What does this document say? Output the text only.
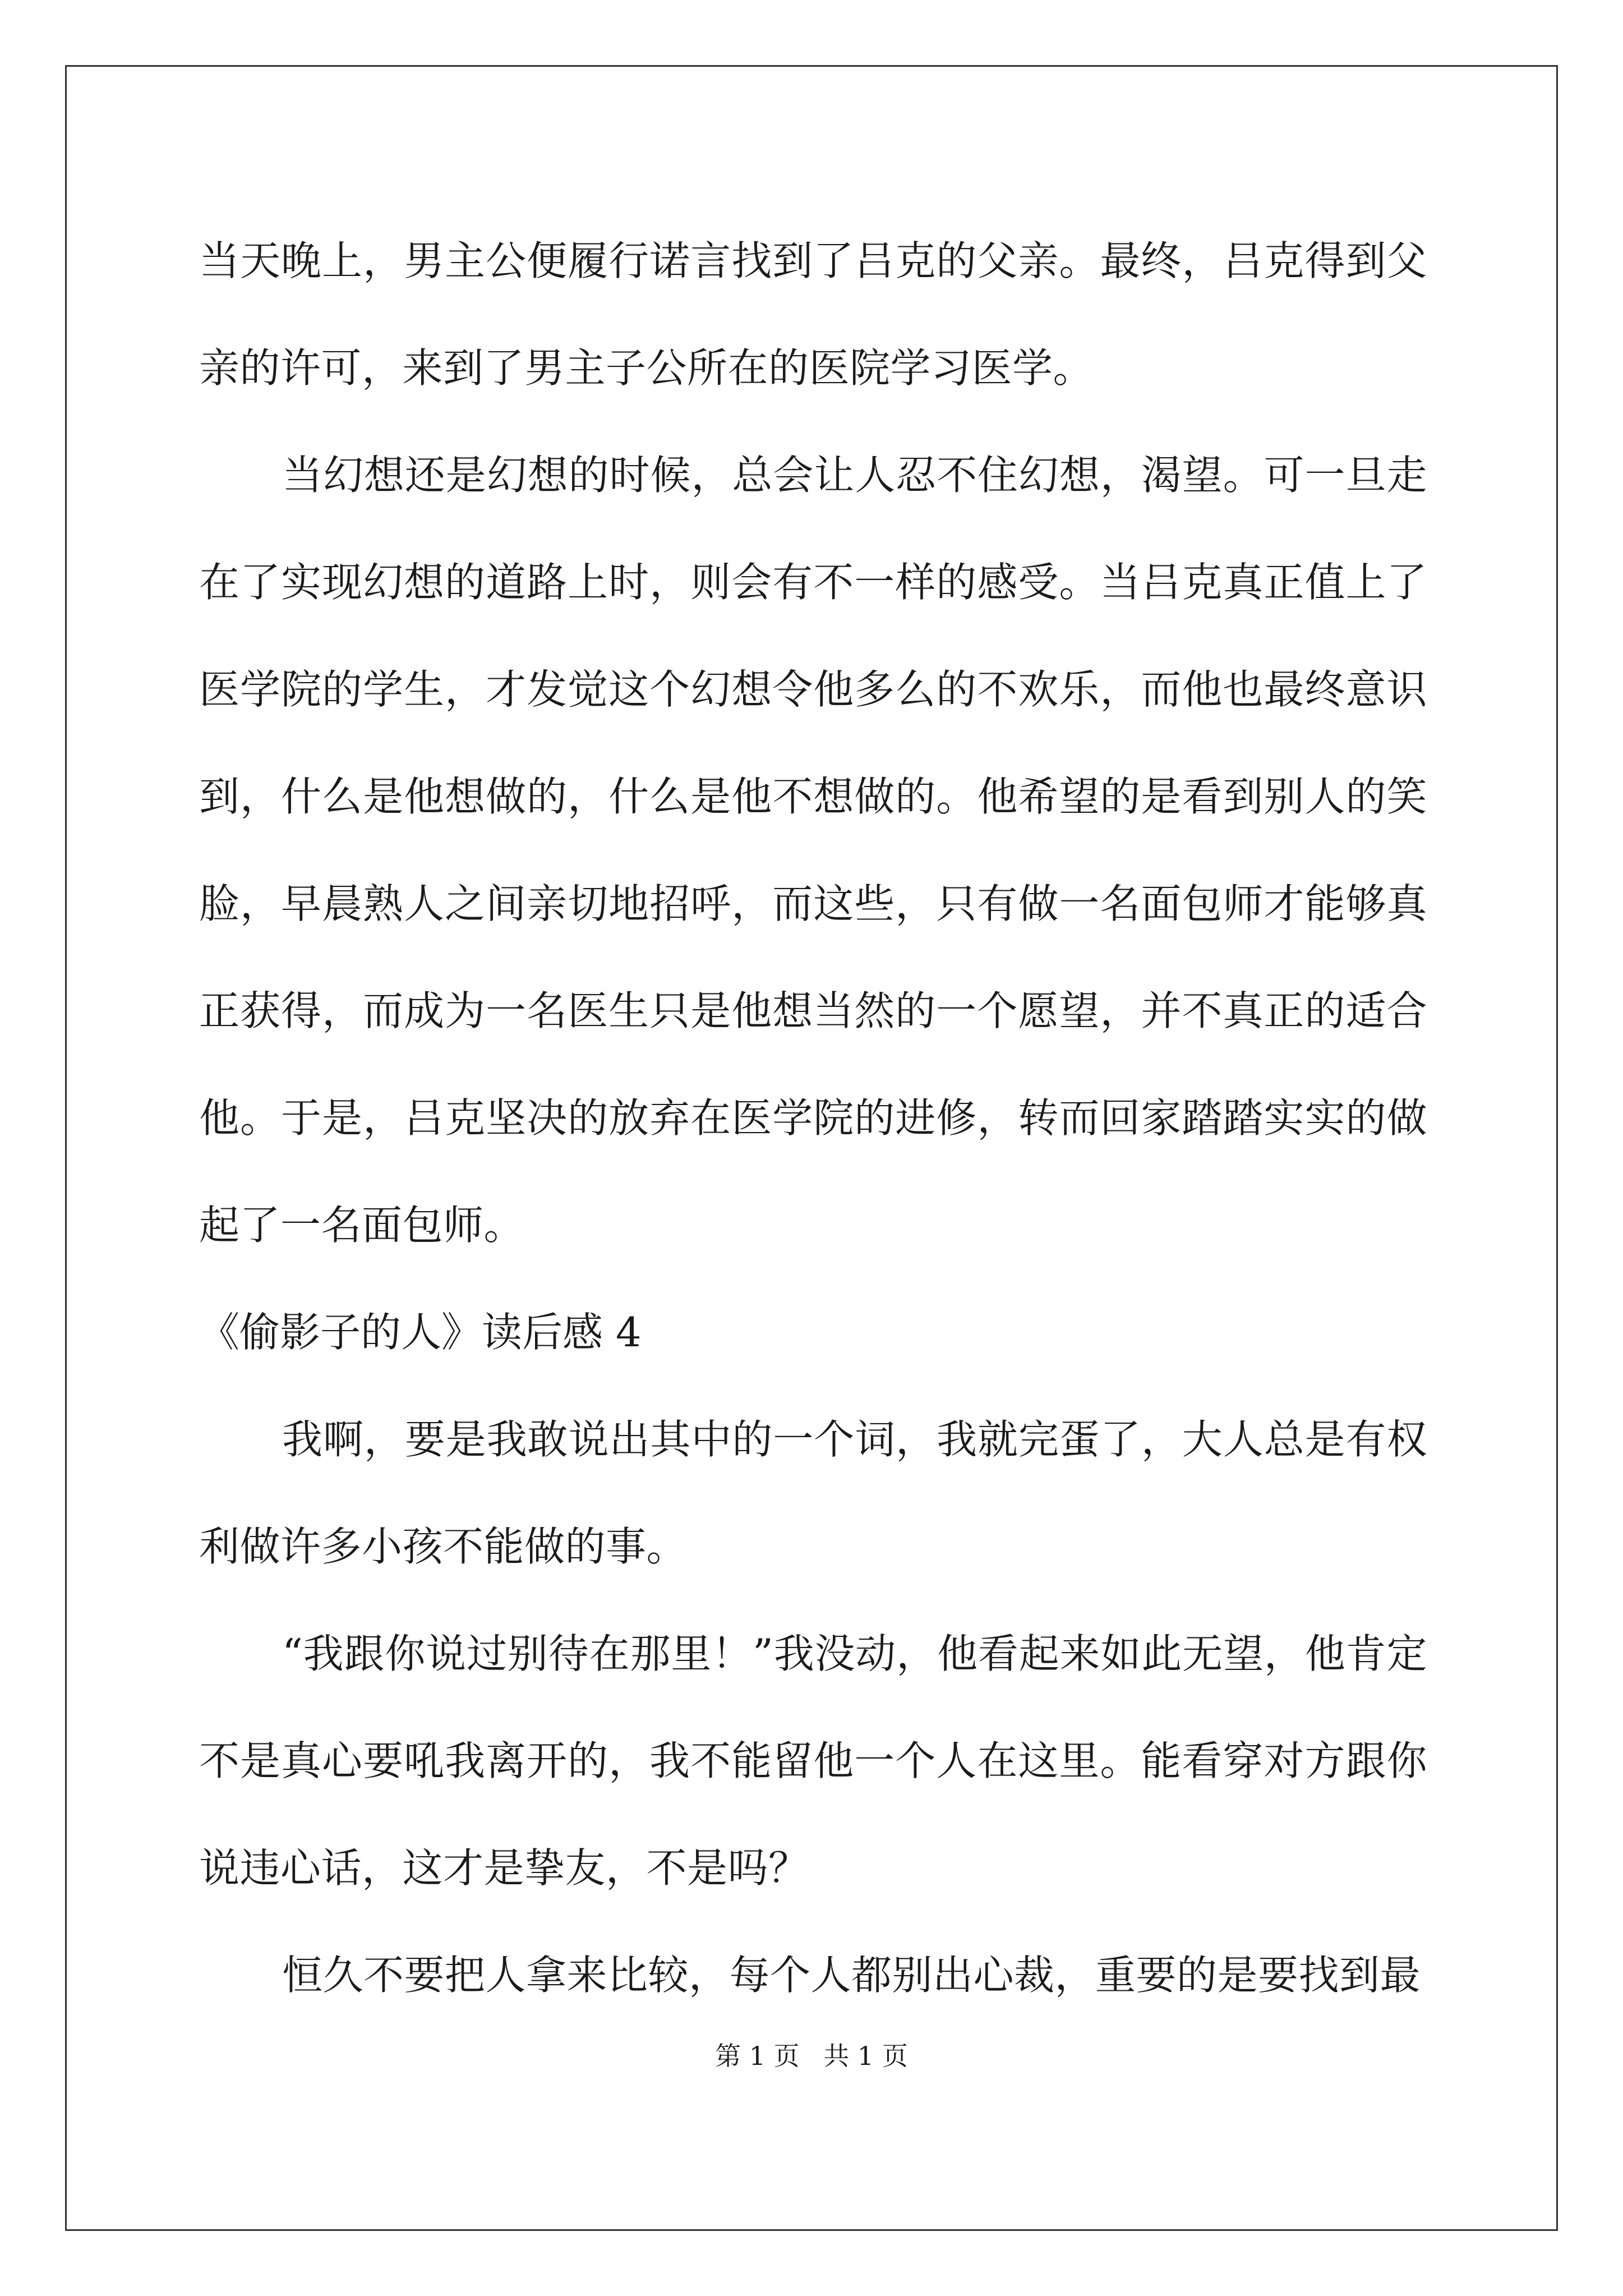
当天晚上，男主公便履行诺言找到了吕克的父亲。最终，吕克得到父亲的许可，来到了男主子公所在的医院学习医学。

当幻想还是幻想的时候，总会让人忍不住幻想，渴望。可一旦走在了实现幻想的道路上时，则会有不一样的感受。当吕克真正值上了医学院的学生，才发觉这个幻想令他多么的不欢乐，而他也最终意识到，什么是他想做的，什么是他不想做的。他希望的是看到别人的笑脸，早晨熟人之间亲切地招呼，而这些，只有做一名面包师才能够真正获得，而成为一名医生只是他想当然的一个愿望，并不真正的适合他。于是，吕克坚决的放弃在医学院的进修，转而回家踏踏实实的做起了一名面包师。

《偷影子的人》读后感 4

我啊，要是我敢说出其中的一个词，我就完蛋了，大人总是有权利做许多小孩不能做的事。

“我跟你说过别待在那里！”我没动，他看起来如此无望，他肯定不是真心要吼我离开的，我不能留他一个人在这里。能看穿对方跟你说违心话，这才是挚友，不是吗？

恒久不要把人拿来比较，每个人都别出心裁，重要的是要找到最

第 1 页 共 1 页
